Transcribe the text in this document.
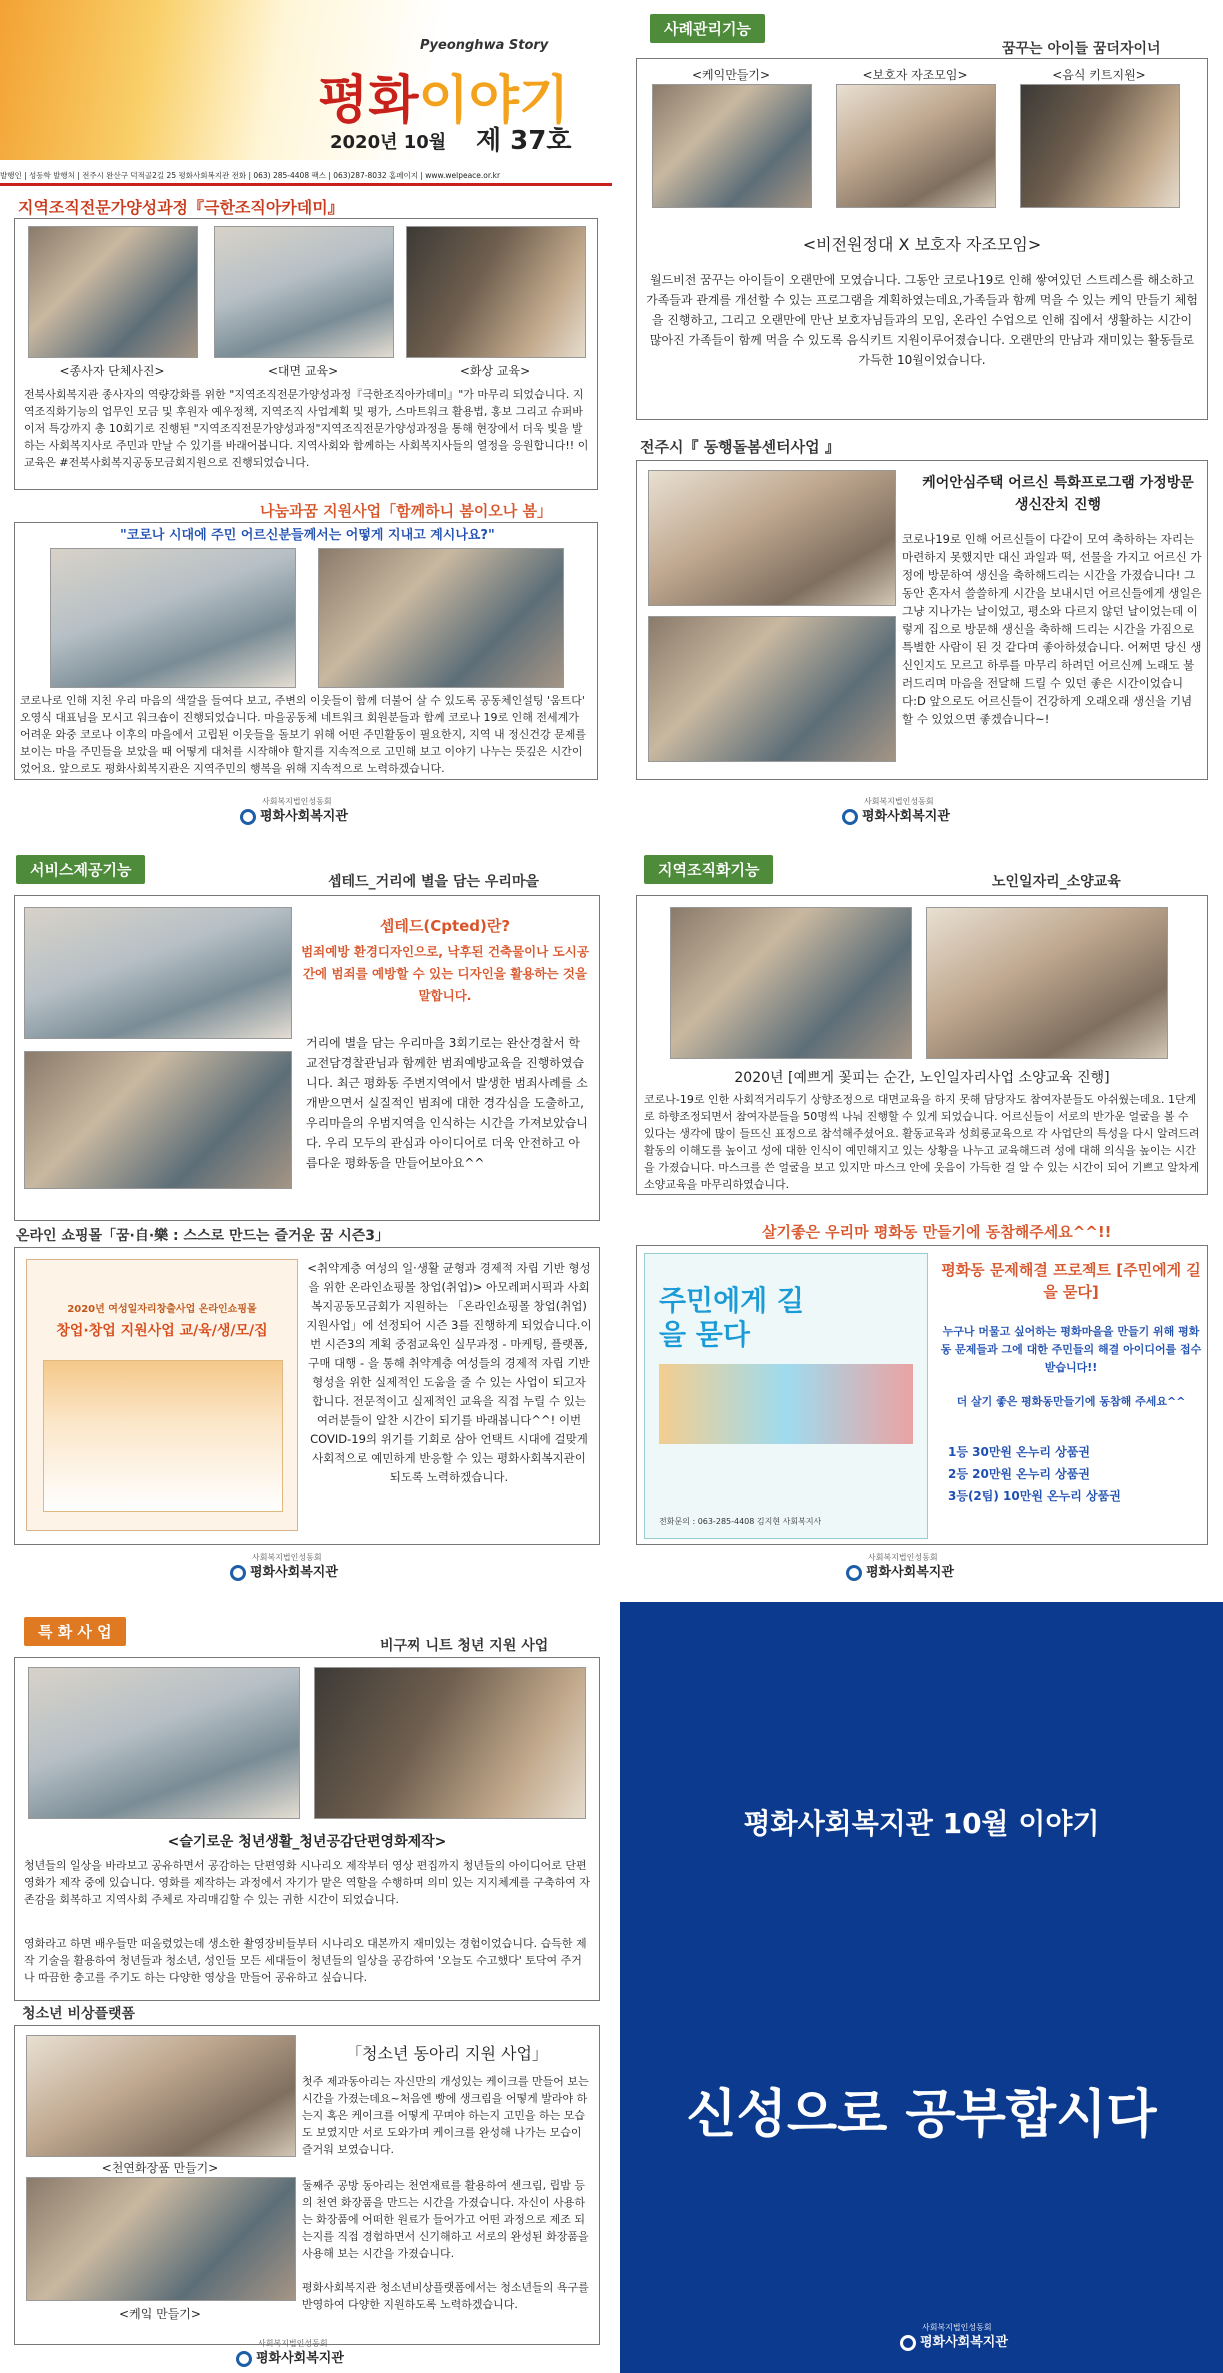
Pyeonghwa Story
평화이야기
2020년 10월 제 37호
발행인 | 성동학 발행처 | 전주시 완산구 덕적골2길 25 평화사회복지관 전화 | 063) 285-4408 팩스 | 063)287-8032 홈페이지 | www.welpeace.or.kr
지역조직전문가양성과정『극한조직아카데미』
<종사자 단체사진>	<대면 교육>	<화상 교육>
전북사회복지관 종사자의 역량강화를 위한 "지역조직전문가양성과정『극한조직아카데미』"가 마무리 되었습니다. 지역조직화기능의 업무인 모금 및 후원자 예우정책, 지역조직 사업계획 및 평가, 스마트워크 활용법, 홍보 그리고 슈퍼바이저 특강까지 총 10회기로 진행된 "지역조직전문가양성과정"지역조직전문가양성과정을 통해 현장에서 더욱 빛을 발하는 사회복지사로 주민과 만날 수 있기를 바래어봅니다. 지역사회와 함께하는 사회복지사들의 열정을 응원합니다!! 이교육은 #전북사회복지공동모금회지원으로 진행되었습니다.
나눔과꿈 지원사업「함께하니 봄이오나 봄」
"코로나 시대에 주민 어르신분들께서는 어떻게 지내고 계시나요?"
코로나로 인해 지친 우리 마음의 색깔을 들여다 보고, 주변의 이웃들이 함께 더불어 살 수 있도록 공동체인설팅 '움트다' 오영식 대표님을 모시고 워크숍이 진행되었습니다. 마을공동체 네트워크 회원분들과 함께 코로나 19로 인해 전세계가 어려운 와중 코로나 이후의 마을에서 고립된 이웃들을 돌보기 위해 어떤 주민활동이 필요한지, 지역 내 정신건강 문제를 보이는 마을 주민들을 보았을 때 어떻게 대처를 시작해야 할지를 지속적으로 고민해 보고 이야기 나누는 뜻깊은 시간이었어요. 앞으로도 평화사회복지관은 지역주민의 행복을 위해 지속적으로 노력하겠습니다.
사회복지법인성동회
평화사회복지관
사례관리기능
꿈꾸는 아이들 꿈더자이너
<케익만들기>	<보호자 자조모임>	<음식 키트지원>
<비전원정대 X 보호자 자조모임>
월드비전 꿈꾸는 아이들이 오랜만에 모였습니다. 그동안 코로나19로 인해 쌓여있던 스트레스를 해소하고 가족들과 관계를 개선할 수 있는 프로그램을 계획하였는데요,가족들과 함께 먹을 수 있는 케익 만들기 체험을 진행하고, 그리고 오랜만에 만난 보호자님들과의 모임, 온라인 수업으로 인해 집에서 생활하는 시간이 많아진 가족들이 함께 먹을 수 있도록 음식키트 지원이루어졌습니다. 오랜만의 만남과 재미있는 활동들로 가득한 10월이었습니다.
전주시『 동행돌봄센터사업 』
케어안심주택 어르신 특화프로그램 가정방문 생신잔치 진행
코로나19로 인해 어르신들이 다같이 모여 축하하는 자리는 마련하지 못했지만 대신 과일과 떡, 선물을 가지고 어르신 가정에 방문하여 생신을 축하해드리는 시간을 가졌습니다! 그동안 혼자서 쓸쓸하게 시간을 보내시던 어르신들에게 생일은 그냥 지나가는 날이었고, 평소와 다르지 않던 날이었는데 이렇게 집으로 방문해 생신을 축하해 드리는 시간을 가짐으로 특별한 사람이 된 것 같다며 좋아하셨습니다. 어쩌면 당신 생신인지도 모르고 하루를 마무리 하려던 어르신께 노래도 불러드리며 마음을 전달해 드릴 수 있던 좋은 시간이었습니다:D 앞으로도 어르신들이 건강하게 오래오래 생신을 기념할 수 있었으면 좋겠습니다~!
사회복지법인성동회
평화사회복지관
서비스제공기능
셉테드_거리에 별을 담는 우리마을
셉테드(Cpted)란?
범죄예방 환경디자인으로, 낙후된 건축물이나 도시공간에 범죄를 예방할 수 있는 디자인을 활용하는 것을 말합니다.
거리에 별을 담는 우리마을 3회기로는 완산경찰서 학교전담경찰관님과 함께한 범죄예방교육을 진행하였습니다. 최근 평화동 주변지역에서 발생한 범죄사례를 소개받으면서 실질적인 범죄에 대한 경각심을 도출하고, 우리마을의 우범지역을 인식하는 시간을 가져보았습니다. 우리 모두의 관심과 아이디어로 더욱 안전하고 아름다운 평화동을 만들어보아요^^
온라인 쇼핑몰「꿈·自·樂 : 스스로 만드는 즐거운 꿈 시즌3」
2020년 여성일자리창출사업 온라인쇼핑몰
창업·창업 지원사업 교/육/생/모/집
<취약계층 여성의 일·생활 균형과 경제적 자립 기반 형성을 위한 온라인쇼핑몰 창업(취업)> 아모레퍼시픽과 사회복지공동모금회가 지원하는 「온라인쇼핑몰 창업(취업)지원사업」에 선정되어 시즌 3를 진행하게 되었습니다.이번 시즌3의 계획 중점교육인 실무과정 - 마케팅, 플랫폼, 구매 대행 - 을 통해 취약계층 여성들의 경제적 자립 기반 형성을 위한 실제적인 도움을 줄 수 있는 사업이 되고자 합니다. 전문적이고 실제적인 교육을 직접 누릴 수 있는 여러분들이 알찬 시간이 되기를 바래봅니다^^! 이번 COVID-19의 위기를 기회로 삼아 언택트 시대에 걸맞게 사회적으로 예민하게 반응할 수 있는 평화사회복지관이 되도록 노력하겠습니다.
사회복지법인성동회
평화사회복지관
지역조직화기능
노인일자리_소양교육
2020년 [예쁘게 꽃피는 순간, 노인일자리사업 소양교육 진행]
코로나-19로 인한 사회적거리두기 상향조정으로 대면교육을 하지 못해 담당자도 참여자분들도 아쉬웠는데요. 1단계로 하향조정되면서 참여자분들을 50명씩 나눠 진행할 수 있게 되었습니다. 어르신들이 서로의 반가운 얼굴을 볼 수 있다는 생각에 많이 들뜨신 표정으로 참석해주셨어요. 활동교육과 성희롱교육으로 각 사업단의 특성을 다시 알려드려 활동의 이해도를 높이고 성에 대한 인식이 예민해지고 있는 상황을 나누고 교육해드려 성에 대해 의식을 높이는 시간을 가졌습니다. 마스크를 쓴 얼굴을 보고 있지만 마스크 안에 웃음이 가득한 걸 알 수 있는 시간이 되어 기쁘고 알차게 소양교육을 마무리하였습니다.
살기좋은 우리마 평화동 만들기에 동참해주세요^^!!
주민에게 길을 묻다
전화문의 : 063-285-4408 김지현 사회복지사
평화동 문제해결 프로젝트 [주민에게 길을 묻다]
누구나 머물고 싶어하는 평화마을을 만들기 위해 평화동 문제들과 그에 대한 주민들의 해결 아이디어를 접수 받습니다!!
더 살기 좋은 평화동만들기에 동참해 주세요^^
1등 30만원 온누리 상품권
2등 20만원 온누리 상품권
3등(2팀) 10만원 온누리 상품권
사회복지법인성동회
평화사회복지관
특 화 사 업
비구찌 니트 청년 지원 사업
<슬기로운 청년생활_청년공감단편영화제작>
청년들의 일상을 바라보고 공유하면서 공감하는 단편영화 시나리오 제작부터 영상 편집까지 청년들의 아이디어로 단편영화가 제작 중에 있습니다. 영화를 제작하는 과정에서 자기가 맡은 역할을 수행하며 의미 있는 지지체계를 구축하여 자존감을 회복하고 지역사회 주체로 자리매김할 수 있는 귀한 시간이 되었습니다.
영화라고 하면 배우들만 떠올렸었는데 생소한 촬영장비들부터 시나리오 대본까지 재미있는 경험이었습니다. 습득한 제작 기술을 활용하여 청년들과 청소년, 성인들 모든 세대들이 청년들의 일상을 공감하여 '오늘도 수고했다' 토닥여 주거나 따끔한 충고를 주기도 하는 다양한 영상을 만들어 공유하고 싶습니다.
청소년 비상플랫폼
<천연화장품 만들기>
<케잌 만들기>
「청소년 동아리 지원 사업」
첫주 제과동아리는 자신만의 개성있는 케이크를 만들어 보는 시간을 가졌는데요~처음엔 빵에 생크림을 어떻게 발라야 하는지 혹은 케이크를 어떻게 꾸며야 하는지 고민을 하는 모습도 보였지만 서로 도와가며 케이크를 완성해 나가는 모습이 즐거워 보였습니다.
둘째주 공방 동아리는 천연재료를 활용하여 센크림, 립밤 등의 천연 화장품을 만드는 시간을 가졌습니다. 자신이 사용하는 화장품에 어떠한 원료가 들어가고 어떤 과정으로 제조 되는지를 직접 경험하면서 신기해하고 서로의 완성된 화장품을 사용해 보는 시간을 가졌습니다.
평화사회복지관 청소년비상플랫폼에서는 청소년들의 욕구를 반영하여 다양한 지원하도록 노력하겠습니다.
사회복지법인성동회
평화사회복지관
평화사회복지관 10월 이야기
신성으로 공부합시다
사회복지법인성동회
평화사회복지관
